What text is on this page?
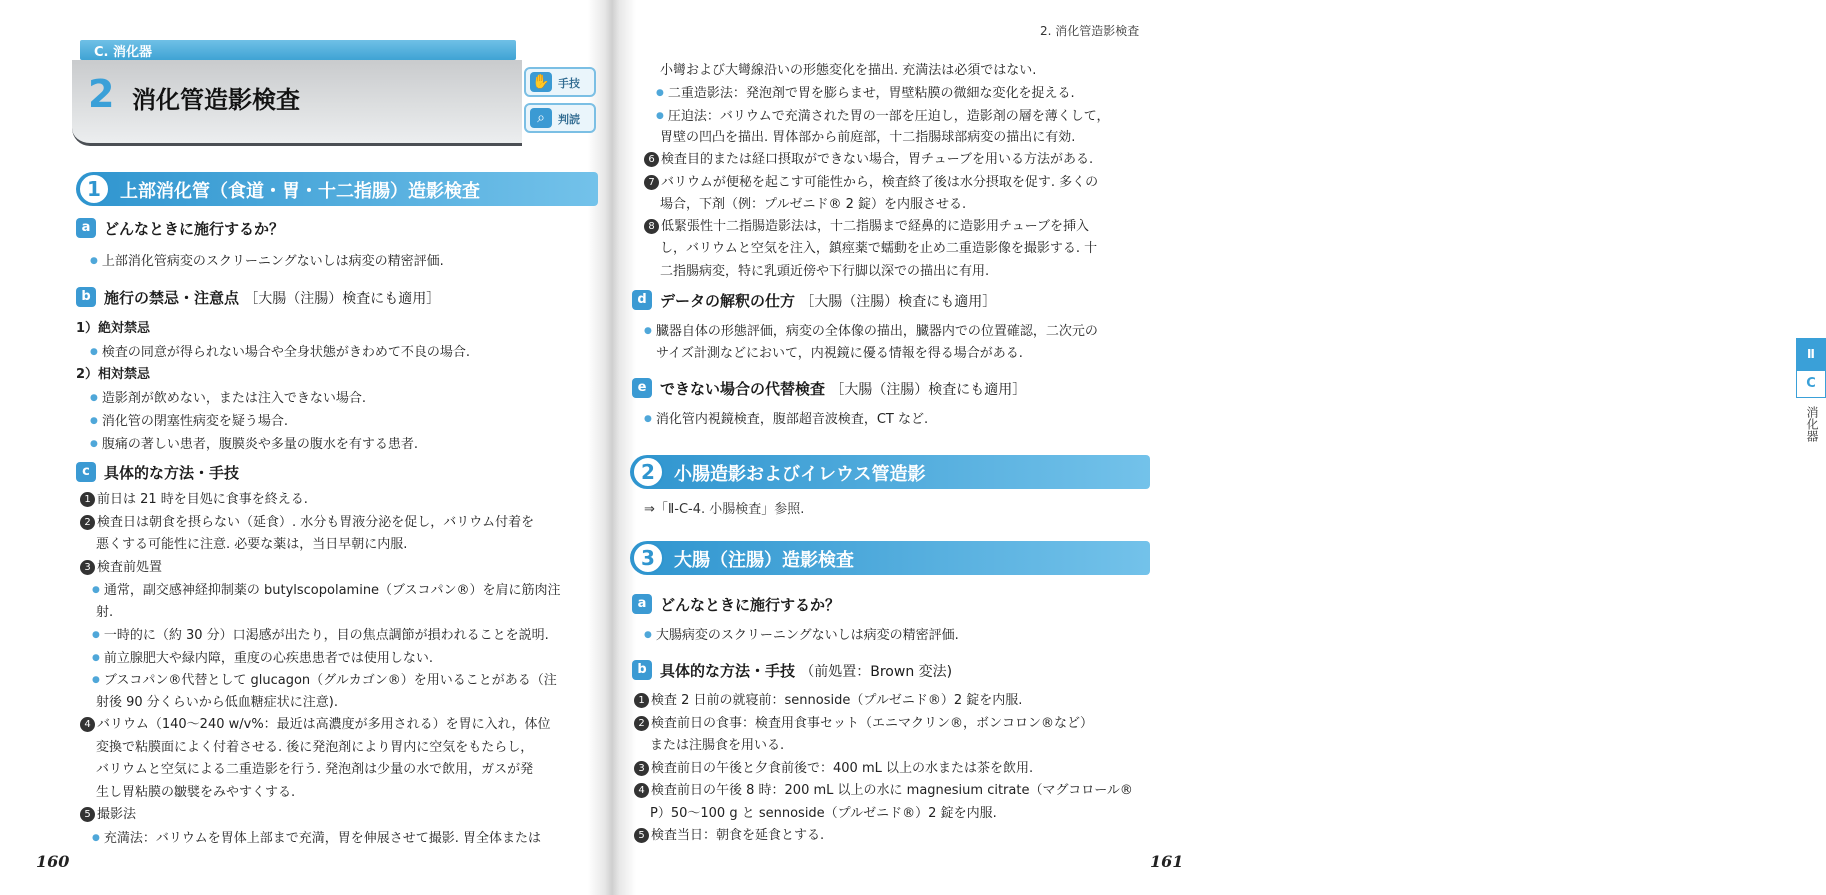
C. 消化器
2 消化管造影検査
✋ 手技
⌕	判読
1	上部消化管（食道・胃・十二指腸）造影検査
a どんなときに施行するか？
● 上部消化管病変のスクリーニングないしは病変の精密評価.
b 施行の禁忌・注意点 ［大腸（注腸）検査にも適用］
1）絶対禁忌
● 検査の同意が得られない場合や全身状態がきわめて不良の場合.
2）相対禁忌
● 造影剤が飲めない，または注入できない場合.
● 消化管の閉塞性病変を疑う場合.
● 腹痛の著しい患者，腹膜炎や多量の腹水を有する患者.
c 具体的な方法・手技
1 前日は 21 時を目処に食事を終える.
2 検査日は朝食を摂らない（延食）. 水分も胃液分泌を促し，バリウム付着を
悪くする可能性に注意. 必要な薬は，当日早朝に内服.
3 検査前処置
● 通常，副交感神経抑制薬の butylscopolamine（ブスコパン®）を肩に筋肉注
射.
● 一時的に（約 30 分）口渇感が出たり，目の焦点調節が損われることを説明.
● 前立腺肥大や緑内障，重度の心疾患患者では使用しない.
● ブスコパン®代替として glucagon（グルカゴン®）を用いることがある（注
射後 90 分くらいから低血糖症状に注意).
4 バリウム（140～240 w/v%：最近は高濃度が多用される）を胃に入れ，体位
変換で粘膜面によく付着させる. 後に発泡剤により胃内に空気をもたらし，
バリウムと空気による二重造影を行う. 発泡剤は少量の水で飲用，ガスが発
生し胃粘膜の皺襞をみやすくする.
5 撮影法
● 充満法：バリウムを胃体上部まで充満，胃を伸展させて撮影. 胃全体または
160
2. 消化管造影検査
小彎および大彎線沿いの形態変化を描出. 充満法は必須ではない.
● 二重造影法：発泡剤で胃を膨らませ，胃壁粘膜の微細な変化を捉える.
● 圧迫法：バリウムで充満された胃の一部を圧迫し，造影剤の層を薄くして，
胃壁の凹凸を描出. 胃体部から前庭部，十二指腸球部病変の描出に有効.
6 検査目的または経口摂取ができない場合，胃チューブを用いる方法がある.
7 バリウムが便秘を起こす可能性から，検査終了後は水分摂取を促す. 多くの
場合，下剤（例：プルゼニド® 2 錠）を内服させる.
8 低緊張性十二指腸造影法は，十二指腸まで経鼻的に造影用チューブを挿入
し，バリウムと空気を注入，鎮痙薬で蠕動を止め二重造影像を撮影する. 十
二指腸病変，特に乳頭近傍や下行脚以深での描出に有用.
d データの解釈の仕方 ［大腸（注腸）検査にも適用］
● 臓器自体の形態評価，病変の全体像の描出，臓器内での位置確認，二次元の
サイズ計測などにおいて，内視鏡に優る情報を得る場合がある.
e できない場合の代替検査 ［大腸（注腸）検査にも適用］
● 消化管内視鏡検査，腹部超音波検査，CT など.
2	小腸造影およびイレウス管造影
⇒「Ⅱ-C-4. 小腸検査」参照.
3	大腸（注腸）造影検査
a どんなときに施行するか？
● 大腸病変のスクリーニングないしは病変の精密評価.
b 具体的な方法・手技 （前処置：Brown 変法)
1 検査 2 日前の就寝前：sennoside（プルゼニド®）2 錠を内服.
2 検査前日の食事：検査用食事セット（エニマクリン®，ボンコロン®など）
または注腸食を用いる.
3 検査前日の午後と夕食前後で：400 mL 以上の水または茶を飲用.
4 検査前日の午後 8 時：200 mL 以上の水に magnesium citrate（マグコロール®
P）50～100 g と sennoside（プルゼニド®）2 錠を内服.
5 検査当日：朝食を延食とする.
Ⅱ
C
消化器
161
